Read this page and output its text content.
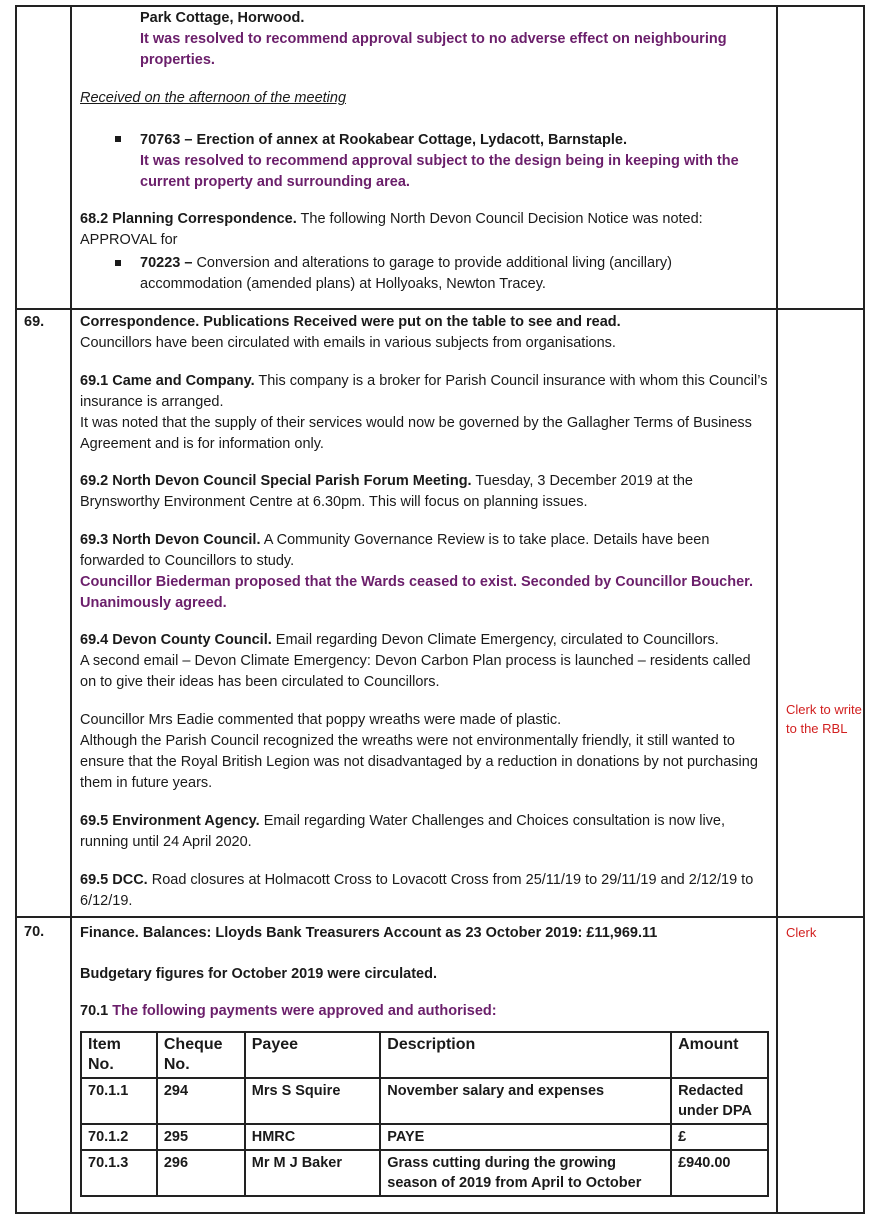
Park Cottage, Horwood.
It was resolved to recommend approval subject to no adverse effect on neighbouring properties.
Received on the afternoon of the meeting
70763 – Erection of annex at Rookabear Cottage, Lydacott, Barnstaple.
It was resolved to recommend approval subject to the design being in keeping with the current property and surrounding area.
68.2 Planning Correspondence. The following North Devon Council Decision Notice was noted:
APPROVAL for
70223 – Conversion and alterations to garage to provide additional living (ancillary) accommodation (amended plans) at Hollyoaks, Newton Tracey.
69. Correspondence. Publications Received were put on the table to see and read.
Councillors have been circulated with emails in various subjects from organisations.
69.1 Came and Company. This company is a broker for Parish Council insurance with whom this Council’s insurance is arranged.
It was noted that the supply of their services would now be governed by the Gallagher Terms of Business Agreement and is for information only.
69.2 North Devon Council Special Parish Forum Meeting. Tuesday, 3 December 2019 at the Brynsworthy Environment Centre at 6.30pm. This will focus on planning issues.
69.3 North Devon Council. A Community Governance Review is to take place. Details have been forwarded to Councillors to study.
Councillor Biederman proposed that the Wards ceased to exist. Seconded by Councillor Boucher. Unanimously agreed.
69.4 Devon County Council. Email regarding Devon Climate Emergency, circulated to Councillors.
A second email – Devon Climate Emergency: Devon Carbon Plan process is launched – residents called on to give their ideas has been circulated to Councillors.
Councillor Mrs Eadie commented that poppy wreaths were made of plastic.
Although the Parish Council recognized the wreaths were not environmentally friendly, it still wanted to ensure that the Royal British Legion was not disadvantaged by a reduction in donations by not purchasing them in future years.
69.5 Environment Agency. Email regarding Water Challenges and Choices consultation is now live, running until 24 April 2020.
69.5 DCC. Road closures at Holmacott Cross to Lovacott Cross from 25/11/19 to 29/11/19 and 2/12/19 to 6/12/19.
Clerk to write to the RBL
70. Finance. Balances: Lloyds Bank Treasurers Account as 23 October 2019: £11,969.11
Budgetary figures for October 2019 were circulated.
70.1 The following payments were approved and authorised:
Clerk
Item No.	Cheque No.	Payee	Description	Amount
70.1.1	294	Mrs S Squire	November salary and expenses	Redacted under DPA
70.1.2	295	HMRC	PAYE	£
70.1.3	296	Mr M J Baker	Grass cutting during the growing season of 2019 from April to October	£940.00
